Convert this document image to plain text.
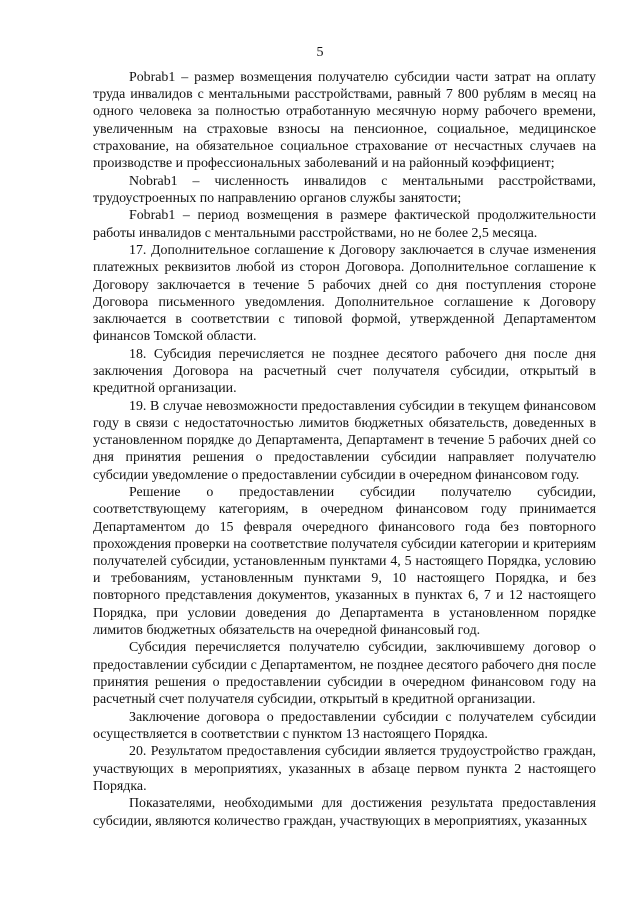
5

Pobrab1 – размер возмещения получателю субсидии части затрат на оплату труда инвалидов с ментальными расстройствами, равный 7 800 рублям в месяц на одного человека за полностью отработанную месячную норму рабочего времени, увеличенным на страховые взносы на пенсионное, социальное, медицинское страхование, на обязательное социальное страхование от несчастных случаев на производстве и профессиональных заболеваний и на районный коэффициент;

Nobrab1 – численность инвалидов с ментальными расстройствами, трудоустроенных по направлению органов службы занятости;

Fobrab1 – период возмещения в размере фактической продолжительности работы инвалидов с ментальными расстройствами, но не более 2,5 месяца.

17. Дополнительное соглашение к Договору заключается в случае изменения платежных реквизитов любой из сторон Договора. Дополнительное соглашение к Договору заключается в течение 5 рабочих дней со дня поступления стороне Договора письменного уведомления. Дополнительное соглашение к Договору заключается в соответствии с типовой формой, утвержденной Департаментом финансов Томской области.

18. Субсидия перечисляется не позднее десятого рабочего дня после дня заключения Договора на расчетный счет получателя субсидии, открытый в кредитной организации.

19. В случае невозможности предоставления субсидии в текущем финансовом году в связи с недостаточностью лимитов бюджетных обязательств, доведенных в установленном порядке до Департамента, Департамент в течение 5 рабочих дней со дня принятия решения о предоставлении субсидии направляет получателю субсидии уведомление о предоставлении субсидии в очередном финансовом году.

Решение о предоставлении субсидии получателю субсидии, соответствующему категориям, в очередном финансовом году принимается Департаментом до 15 февраля очередного финансового года без повторного прохождения проверки на соответствие получателя субсидии категории и критериям получателей субсидии, установленным пунктами 4, 5 настоящего Порядка, условию и требованиям, установленным пунктами 9, 10 настоящего Порядка, и без повторного представления документов, указанных в пунктах 6, 7 и 12 настоящего Порядка, при условии доведения до Департамента в установленном порядке лимитов бюджетных обязательств на очередной финансовый год.

Субсидия перечисляется получателю субсидии, заключившему договор о предоставлении субсидии с Департаментом, не позднее десятого рабочего дня после принятия решения о предоставлении субсидии в очередном финансовом году на расчетный счет получателя субсидии, открытый в кредитной организации.

Заключение договора о предоставлении субсидии с получателем субсидии осуществляется в соответствии с пунктом 13 настоящего Порядка.

20. Результатом предоставления субсидии является трудоустройство граждан, участвующих в мероприятиях, указанных в абзаце первом пункта 2 настоящего Порядка.

Показателями, необходимыми для достижения результата предоставления субсидии, являются количество граждан, участвующих в мероприятиях, указанных
